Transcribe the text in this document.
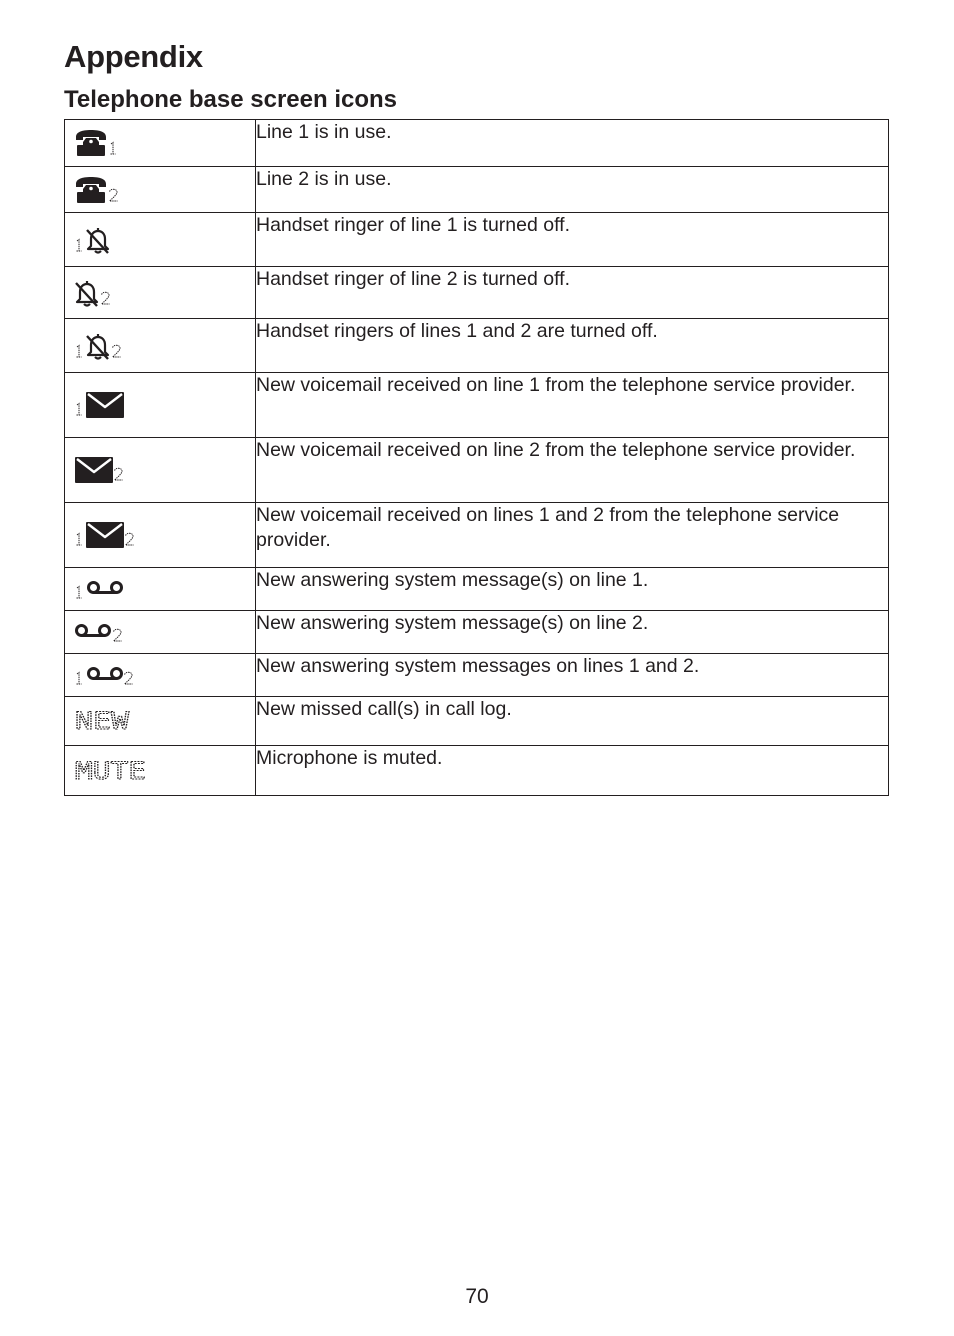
Appendix
Telephone base screen icons
	Line 1 is in use.

	Line 2 is in use.

	Handset ringer of line 1 is turned off.

	Handset ringer of line 2 is turned off.

	Handset ringers of lines 1 and 2 are turned off.

	New voicemail received on line 1 from the telephone service provider.

	New voicemail received on line 2 from the telephone service provider.

	New voicemail received on lines 1 and 2 from the telephone service provider.

	New answering system message(s) on line 1.

	New answering system message(s) on line 2.

	New answering system messages on lines 1 and 2.

NEW	New missed call(s) in call log.

MUTE	Microphone is muted.
70
